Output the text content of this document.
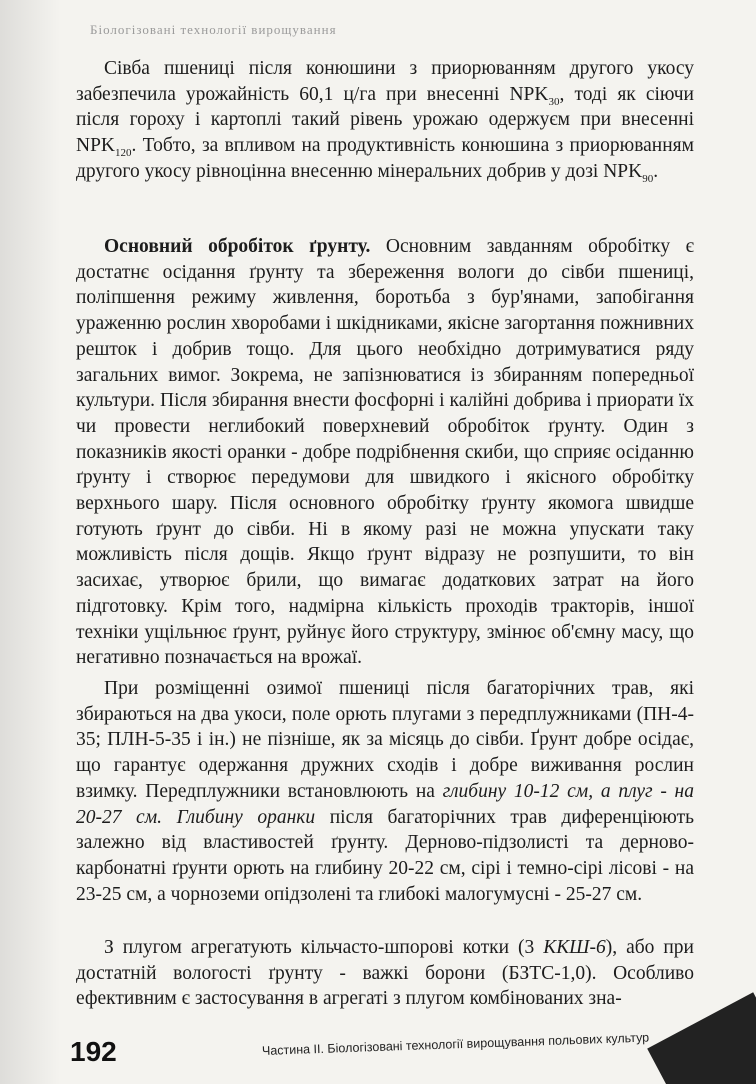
Біологізовані технології вирощування

Сівба пшениці після конюшини з приорюванням другого укосу забезпечила урожайність 60,1 ц/га при внесенні $NPK_{30}$, тоді як сіючи після гороху і картоплі такий рівень урожаю одержуєм при внесенні $NPK_{120}$. Тобто, за впливом на продуктивність конюшина з приорюванням другого укосу рівноцінна внесенню мінеральних добрив у дозі $NPK_{90}$.

Основний обробіток ґрунту. Основним завданням обробітку є достатнє осідання ґрунту та збереження вологи до сівби пшениці, поліпшення режиму живлення, боротьба з бур'янами, запобігання ураженню рослин хворобами і шкідниками, якісне загортання пожнивних решток і добрив тощо. Для цього необхідно дотримуватися ряду загальних вимог. Зокрема, не запізнюватися із збиранням попередньої культури. Після збирання внести фосфорні і калійні добрива і приорати їх чи провести неглибокий поверхневий обробіток ґрунту. Один з показників якості оранки - добре подрібнення скиби, що сприяє осіданню ґрунту і створює передумови для швидкого і якісного обробітку верхнього шару. Після основного обробітку ґрунту якомога швидше готують ґрунт до сівби. Ні в якому разі не можна упускати таку можливість після дощів. Якщо ґрунт відразу не розпушити, то він засихає, утворює брили, що вимагає додаткових затрат на його підготовку. Крім того, надмірна кількість проходів тракторів, іншої техніки ущільнює ґрунт, руйнує його структуру, змінює об'ємну масу, що негативно позначається на врожаї.

При розміщенні озимої пшениці після багаторічних трав, які збираються на два укоси, поле орють плугами з передплужниками (ПН-4-35; ПЛН-5-35 і ін.) не пізніше, як за місяць до сівби. Ґрунт добре осідає, що гарантує одержання дружних сходів і добре виживання рослин взимку. Передплужники встановлюють на глибину 10-12 см, а плуг - на 20-27 см. Глибину оранки після багаторічних трав диференціюють залежно від властивостей ґрунту. Дерново-підзолисті та дерново-карбонатні ґрунти орють на глибину 20-22 см, сірі і темно-сірі лісові - на 23-25 см, а чорноземи опідзолені та глибокі малогумусні - 25-27 см.

З плугом агрегатують кільчасто-шпорові котки (3 ККШ-6), або при достатній вологості ґрунту - важкі борони (БЗТС-1,0). Особливо ефективним є застосування в агрегаті з плугом комбінованих зна-

192	Частина II. Біологізовані технології вирощування польових культур
